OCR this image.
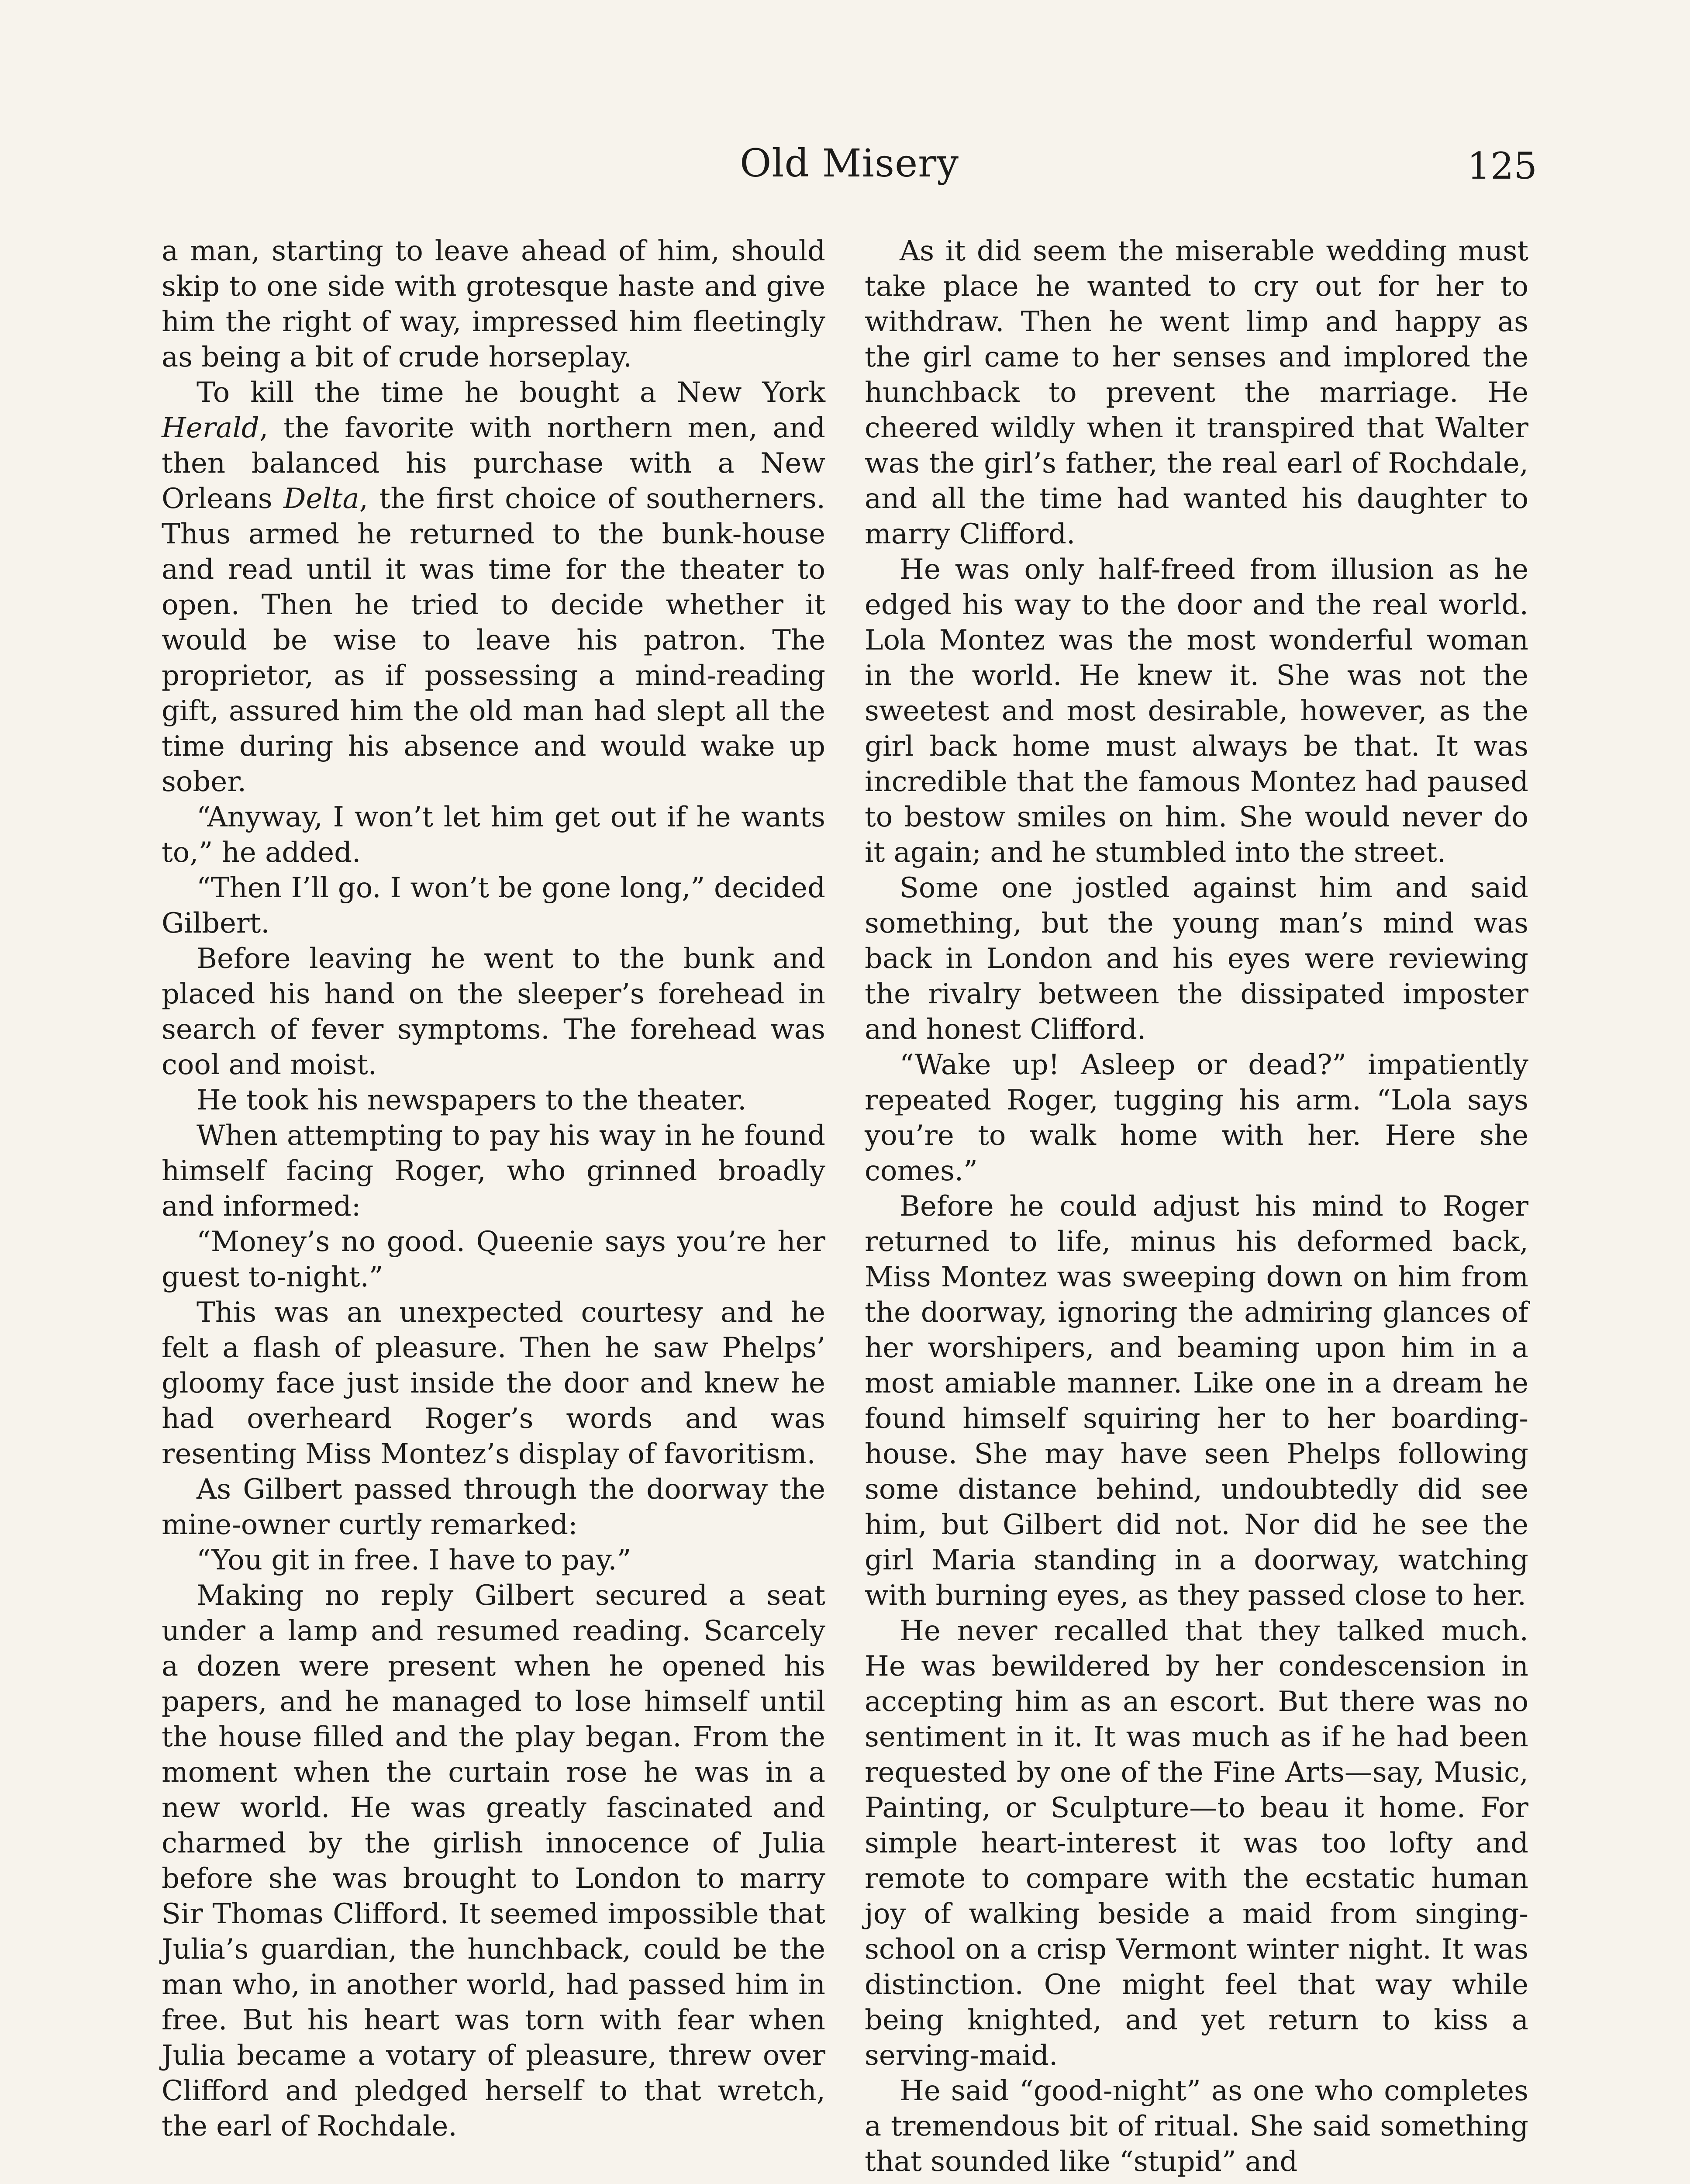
Old Misery	125

a man, starting to leave ahead of him, should skip to one side with grotesque haste and give him the right of way, impressed him fleetingly as being a bit of crude horseplay.

To kill the time he bought a New York Herald, the favorite with northern men, and then balanced his purchase with a New Orleans Delta, the first choice of southerners. Thus armed he returned to the bunk-house and read until it was time for the theater to open. Then he tried to decide whether it would be wise to leave his patron. The proprietor, as if possessing a mind-reading gift, assured him the old man had slept all the time during his absence and would wake up sober.

“Anyway, I won’t let him get out if he wants to,” he added.

“Then I’ll go. I won’t be gone long,” decided Gilbert.

Before leaving he went to the bunk and placed his hand on the sleeper’s forehead in search of fever symptoms. The forehead was cool and moist.

He took his newspapers to the theater.

When attempting to pay his way in he found himself facing Roger, who grinned broadly and informed:

“Money’s no good. Queenie says you’re her guest to-night.”

This was an unexpected courtesy and he felt a flash of pleasure. Then he saw Phelps’ gloomy face just inside the door and knew he had overheard Roger’s words and was resenting Miss Montez’s display of favoritism.

As Gilbert passed through the doorway the mine-owner curtly remarked:

“You git in free. I have to pay.”

Making no reply Gilbert secured a seat under a lamp and resumed reading. Scarcely a dozen were present when he opened his papers, and he managed to lose himself until the house filled and the play began. From the moment when the curtain rose he was in a new world. He was greatly fascinated and charmed by the girlish innocence of Julia before she was brought to London to marry Sir Thomas Clifford. It seemed impossible that Julia’s guardian, the hunchback, could be the man who, in another world, had passed him in free. But his heart was torn with fear when Julia became a votary of pleasure, threw over Clifford and pledged herself to that wretch, the earl of Rochdale.

As it did seem the miserable wedding must take place he wanted to cry out for her to withdraw. Then he went limp and happy as the girl came to her senses and implored the hunchback to prevent the marriage. He cheered wildly when it transpired that Walter was the girl’s father, the real earl of Rochdale, and all the time had wanted his daughter to marry Clifford.

He was only half-freed from illusion as he edged his way to the door and the real world. Lola Montez was the most wonderful woman in the world. He knew it. She was not the sweetest and most desirable, however, as the girl back home must always be that. It was incredible that the famous Montez had paused to bestow smiles on him. She would never do it again; and he stumbled into the street.

Some one jostled against him and said something, but the young man’s mind was back in London and his eyes were reviewing the rivalry between the dissipated imposter and honest Clifford.

“Wake up! Asleep or dead?” impatiently repeated Roger, tugging his arm. “Lola says you’re to walk home with her. Here she comes.”

Before he could adjust his mind to Roger returned to life, minus his deformed back, Miss Montez was sweeping down on him from the doorway, ignoring the admiring glances of her worshipers, and beaming upon him in a most amiable manner. Like one in a dream he found himself squiring her to her boarding-house. She may have seen Phelps following some distance behind, undoubtedly did see him, but Gilbert did not. Nor did he see the girl Maria standing in a doorway, watching with burning eyes, as they passed close to her.

He never recalled that they talked much. He was bewildered by her condescension in accepting him as an escort. But there was no sentiment in it. It was much as if he had been requested by one of the Fine Arts—say, Music, Painting, or Sculpture—to beau it home. For simple heart-interest it was too lofty and remote to compare with the ecstatic human joy of walking beside a maid from singing-school on a crisp Vermont winter night. It was distinction. One might feel that way while being knighted, and yet return to kiss a serving-maid.

He said “good-night” as one who completes a tremendous bit of ritual. She said something that sounded like “stupid” and
